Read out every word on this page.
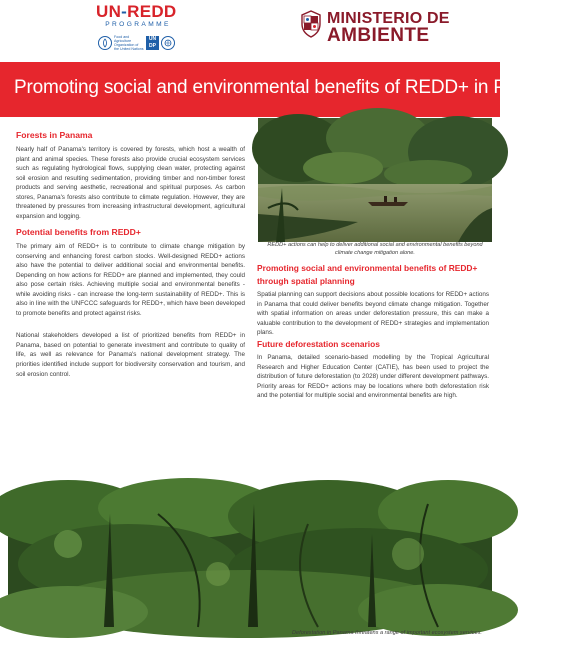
UN-REDD
PROGRAMME
Food and Agriculture Organization of the United Nations
UN
DP
MINISTERIO DE
AMBIENTE
Promoting social and environmental benefits of REDD+ in Panama
Forests in Panama

Nearly half of Panama's territory is covered by forests, which host a wealth of plant and animal species. These forests also provide crucial ecosystem services such as regulating hydrological flows, supplying clean water, protecting against soil erosion and resulting sedimentation, providing timber and non-timber forest products and serving aesthetic, recreational and spiritual purposes. As carbon stores, Panama's forests also contribute to climate regulation. However, they are threatened by pressures from increasing infrastructural development, agricultural expansion and logging.

Potential benefits from REDD+

The primary aim of REDD+ is to contribute to climate change mitigation by conserving and enhancing forest carbon stocks. Well-designed REDD+ actions also have the potential to deliver additional social and environmental benefits. Depending on how actions for REDD+ are planned and implemented, they could also pose certain risks. Achieving multiple social and environmental benefits - while avoiding risks - can increase the long-term sustainability of REDD+. This is also in line with the UNFCCC safeguards for REDD+, which have been developed to promote benefits and protect against risks.

National stakeholders developed a list of prioritized benefits from REDD+ in Panama, based on potential to generate investment and contribute to quality of life, as well as relevance for Panama's national development strategy. The priorities identified include support for biodiversity conservation and tourism, and soil erosion control.

REDD+ actions can help to deliver additional social and environmental benefits beyond climate change mitigation alone.
Promoting social and environmental benefits of REDD+ through spatial planning

Spatial planning can support decisions about possible locations for REDD+ actions in Panama that could deliver benefits beyond climate change mitigation. Together with spatial information on areas under deforestation pressure, this can make a valuable contribution to the development of REDD+ strategies and implementation plans.

Future deforestation scenarios

In Panama, detailed scenario-based modelling by the Tropical Agricultural Research and Higher Education Center (CATIE), has been used to project the distribution of future deforestation (to 2028) under different development pathways. Priority areas for REDD+ actions may be locations where both deforestation risk and the potential for multiple social and environmental benefits are high.

Deforestation in Panama threatens a range of important ecosystem services.
